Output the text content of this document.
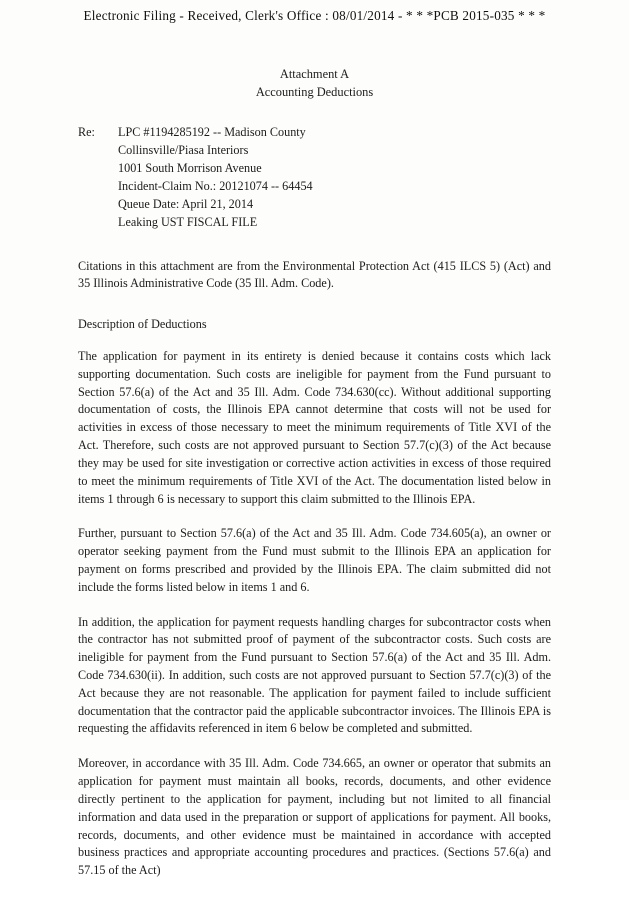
Electronic Filing - Received, Clerk's Office : 08/01/2014 - * * *PCB 2015-035 * * *
Attachment A
Accounting Deductions
Re:	LPC #1194285192 -- Madison County
Collinsville/Piasa Interiors
1001 South Morrison Avenue
Incident-Claim No.: 20121074 -- 64454
Queue Date: April 21, 2014
Leaking UST FISCAL FILE

Citations in this attachment are from the Environmental Protection Act (415 ILCS 5) (Act) and 35 Illinois Administrative Code (35 Ill. Adm. Code).

Description of Deductions

The application for payment in its entirety is denied because it contains costs which lack supporting documentation. Such costs are ineligible for payment from the Fund pursuant to Section 57.6(a) of the Act and 35 Ill. Adm. Code 734.630(cc). Without additional supporting documentation of costs, the Illinois EPA cannot determine that costs will not be used for activities in excess of those necessary to meet the minimum requirements of Title XVI of the Act. Therefore, such costs are not approved pursuant to Section 57.7(c)(3) of the Act because they may be used for site investigation or corrective action activities in excess of those required to meet the minimum requirements of Title XVI of the Act. The documentation listed below in items 1 through 6 is necessary to support this claim submitted to the Illinois EPA.

Further, pursuant to Section 57.6(a) of the Act and 35 Ill. Adm. Code 734.605(a), an owner or operator seeking payment from the Fund must submit to the Illinois EPA an application for payment on forms prescribed and provided by the Illinois EPA. The claim submitted did not include the forms listed below in items 1 and 6.

In addition, the application for payment requests handling charges for subcontractor costs when the contractor has not submitted proof of payment of the subcontractor costs. Such costs are ineligible for payment from the Fund pursuant to Section 57.6(a) of the Act and 35 Ill. Adm. Code 734.630(ii). In addition, such costs are not approved pursuant to Section 57.7(c)(3) of the Act because they are not reasonable. The application for payment failed to include sufficient documentation that the contractor paid the applicable subcontractor invoices. The Illinois EPA is requesting the affidavits referenced in item 6 below be completed and submitted.

Moreover, in accordance with 35 Ill. Adm. Code 734.665, an owner or operator that submits an application for payment must maintain all books, records, documents, and other evidence directly pertinent to the application for payment, including but not limited to all financial information and data used in the preparation or support of applications for payment. All books, records, documents, and other evidence must be maintained in accordance with accepted business practices and appropriate accounting procedures and practices. (Sections 57.6(a) and 57.15 of the Act)
